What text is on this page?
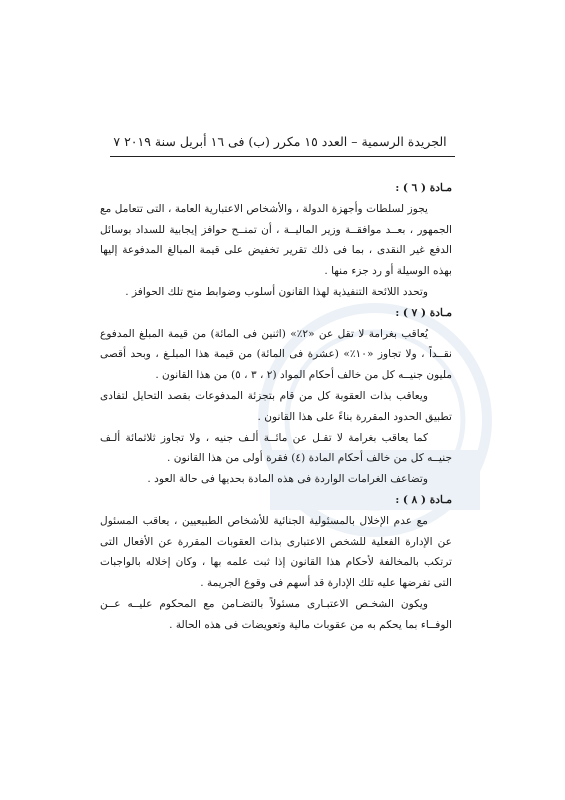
الجريدة الرسمية – العدد ١٥ مكرر (ب) فى ١٦ أبريل سنة ٢٠١٩ ٧

مـادة ( ٦ ) :

يجوز لسلطات وأجهزة الدولة ، والأشخاص الاعتبارية العامة ، التى تتعامل مع الجمهور ، بعــد موافقــة وزير الماليــة ، أن تمنــح حوافز إيجابية للسداد بوسائل الدفع غير النقدى ، بما فى ذلك تقرير تخفيض على قيمة المبالغ المدفوعة إليها بهذه الوسيلة أو رد جزء منها .

وتحدد اللائحة التنفيذية لهذا القانون أسلوب وضوابط منح تلك الحوافز .

مـادة ( ٧ ) :

يُعاقب بغرامة لا تقل عن «٢٪» (اثنين فى المائة) من قيمة المبلغ المدفوع نقــداً ، ولا تجاوز «١٠٪» (عشرة فى المائة) من قيمة هذا المبلـغ ، وبحد أقصى مليون جنيــه كل من خالف أحكام المواد (٢ ، ٣ ، ٥) من هذا القانون .

ويعاقب بذات العقوبة كل من قام بتجزئة المدفوعات بقصد التحايل لتفادى تطبيق الحدود المقررة بناءً على هذا القانون .

كما يعاقب بغرامة لا تقـل عن مائــة ألـف جنيه ، ولا تجاوز ثلاثمائة ألـف جنيــه كل من خالف أحكام المادة (٤) فقرة أولى من هذا القانون .

وتضاعف الغرامات الواردة فى هذه المادة بحديها فى حالة العود .

مـادة ( ٨ ) :

مع عدم الإخلال بالمسئولية الجنائية للأشخاص الطبيعيين ، يعاقب المسئول عن الإدارة الفعلية للشخص الاعتبارى بذات العقوبات المقررة عن الأفعال التى ترتكب بالمخالفة لأحكام هذا القانون إذا ثبت علمه بها ، وكان إخلاله بالواجبات التى تفرضها عليه تلك الإدارة قد أسهم فى وقوع الجريمة .

ويكون الشخـص الاعتبـارى مسئولاً بالتضـامن مع المحكوم عليــه عــن الوفــاء بما يحكم به من عقوبات مالية وتعويضات فى هذه الحالة .
